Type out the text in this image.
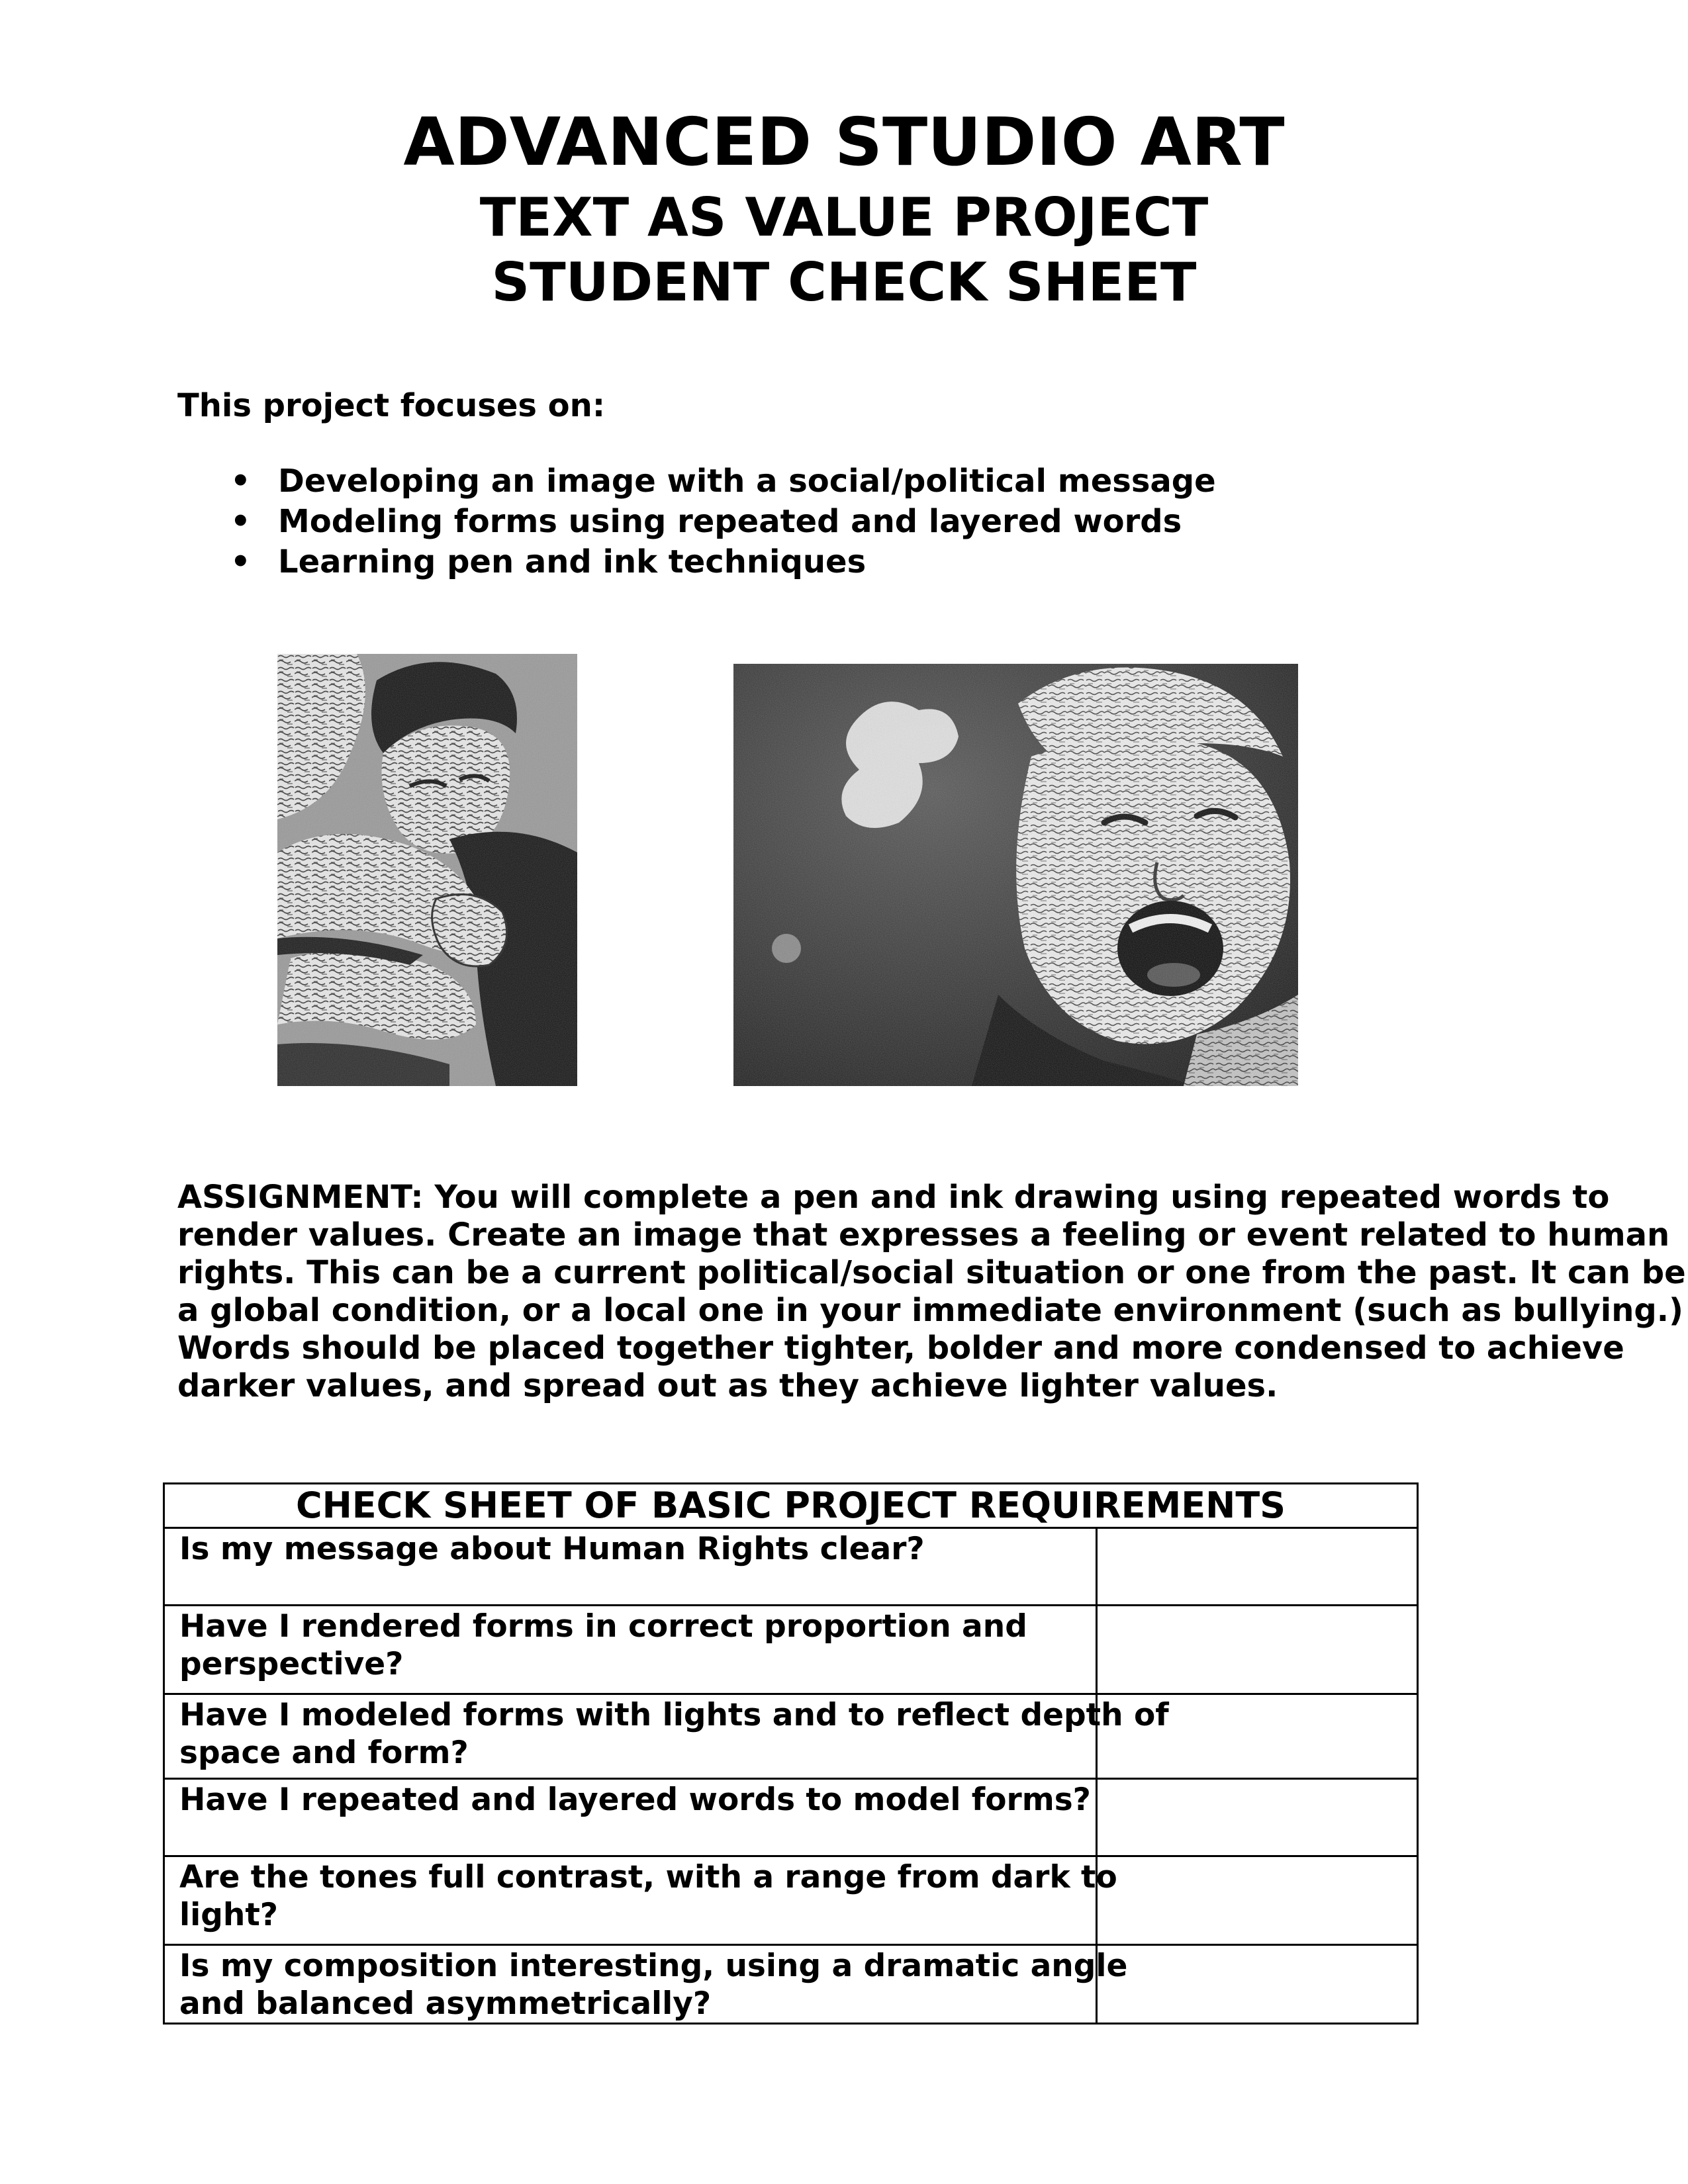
ADVANCED STUDIO ART
TEXT AS VALUE PROJECT
STUDENT CHECK SHEET
This project focuses on:
• Developing an image with a social/political message
• Modeling forms using repeated and layered words
• Learning pen and ink techniques
ASSIGNMENT: You will complete a pen and ink drawing using repeated words to
render values. Create an image that expresses a feeling or event related to human
rights. This can be a current political/social situation or one from the past. It can be
a global condition, or a local one in your immediate environment (such as bullying.)
Words should be placed together tighter, bolder and more condensed to achieve
darker values, and spread out as they achieve lighter values.
CHECK SHEET OF BASIC PROJECT REQUIREMENTS	

Is my message about Human Rights clear?	

Have I rendered forms in correct proportion and
perspective?	

Have I modeled forms with lights and to reflect depth of
space and form?	

Have I repeated and layered words to model forms?	

Are the tones full contrast, with a range from dark to
light?	

Is my composition interesting, using a dramatic angle
and balanced asymmetrically?	
